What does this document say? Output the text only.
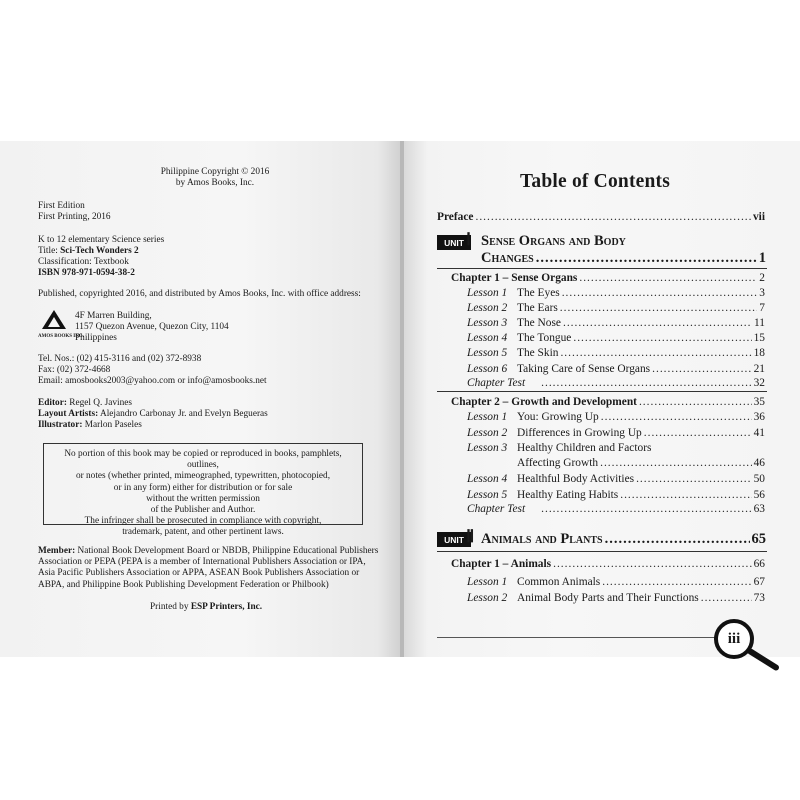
Philippine Copyright © 2016
by Amos Books, Inc.
First Edition
First Printing, 2016
K to 12 elementary Science series
Title: Sci-Tech Wonders 2
Classification: Textbook
ISBN 978-971-0594-38-2
Published, copyrighted 2016, and distributed by Amos Books, Inc. with office address:
AMOS BOOKS INC.
4F Marren Building,
1157 Quezon Avenue, Quezon City, 1104
Philippines
Tel. Nos.: (02) 415-3116 and (02) 372-8938
Fax: (02) 372-4668
Email: amosbooks2003@yahoo.com or info@amosbooks.net
Editor: Regel Q. Javines
Layout Artists: Alejandro Carbonay Jr. and Evelyn Begueras
Illustrator: Marlon Paseles
No portion of this book may be copied or reproduced in books, pamphlets, outlines,
or notes (whether printed, mimeographed, typewritten, photocopied,
or in any form) either for distribution or for sale
without the written permission
of the Publisher and Author.
The infringer shall be prosecuted in compliance with copyright,
trademark, patent, and other pertinent laws.
Member: National Book Development Board or NBDB, Philippine Educational Publishers
Association or PEPA (PEPA is a member of International Publishers Association or IPA,
Asia Pacific Publishers Association or APPA, ASEAN Book Publishers Association or
ABPA, and Philippine Book Publishing Development Federation or Philbook)
Printed by ESP Printers, Inc.
Table of Contents
Preface .....	vii
UNIT Ⅰ Sense Organs and Body
Changes .....	1
Chapter 1 – Sense Organs .....	2
Lesson 1 The Eyes .....	3
Lesson 2 The Ears .....	7
Lesson 3 The Nose .....	11
Lesson 4 The Tongue .....	15
Lesson 5 The Skin .....	18
Lesson 6 Taking Care of Sense Organs .....	21
Chapter Test .....	32
Chapter 2 – Growth and Development .....	35
Lesson 1 You: Growing Up .....	36
Lesson 2 Differences in Growing Up .....	41
Lesson 3 Healthy Children and Factors
Affecting Growth .....	46
Lesson 4 Healthful Body Activities .....	50
Lesson 5 Healthy Eating Habits .....	56
Chapter Test .....	63
UNIT Ⅱ Animals and Plants .....	65
Chapter 1 – Animals .....	66
Lesson 1 Common Animals .....	67
Lesson 2 Animal Body Parts and Their Functions .....	73
iii
